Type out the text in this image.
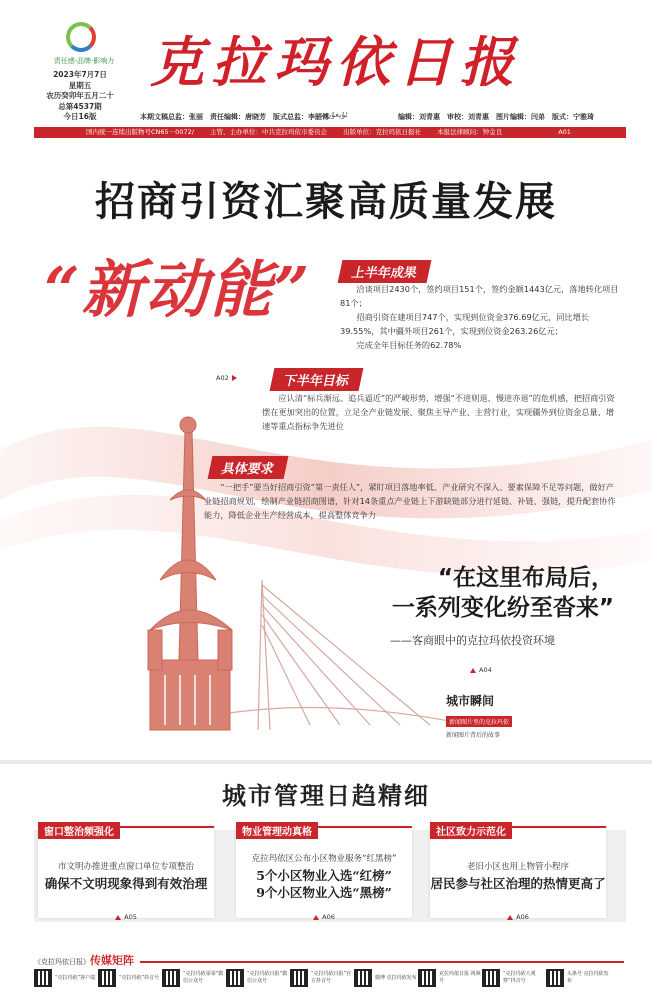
责任感·品牌·影响力
2023年7月7日
星期五
农历癸卯年五月二十
总第4537期
今日16版
克拉玛依日报
本期文稿总监：张丽　责任编辑：唐晓芳　版式总监：李韶博
ئۇيغۇرچە	编辑：刘青惠　审校：刘青惠　图片编辑：闫弟　版式：宁雅琦
国内统一连续出版物号CN65－0072/ 主管、主办单位：中共克拉玛依市委员会 出版单位：克拉玛依日报社 本报法律顾问：钟金良	A01
招商引资汇聚高质量发展
“新动能”	上半年成果

洽谈项目2430个，签约项目151个，签约金额1443亿元，落地转化项目81个；

招商引资在建项目747个，实现到位资金376.69亿元，同比增长39.55%，其中疆外项目261个，实现到位资金263.26亿元；

完成全年目标任务的62.78%

A02	下半年目标

应认清“标兵渐远、追兵逼近”的严峻形势，增强“不进则退、慢进亦退”的危机感，把招商引资摆在更加突出的位置，立足全产业链发展、聚焦主导产业、主营行业，实现疆外到位资金总量、增速等重点指标争先进位

具体要求

“一把手”要当好招商引资“第一责任人”，紧盯项目落地率低、产业研究不深入、要素保障不足等问题，做好产业链招商规划，绘制产业链招商图谱，针对14条重点产业链上下游缺链部分进行延链、补链、强链，提升配套协作能力，降低企业生产经营成本，提高整体竞争力

“在这里布局后，
一系列变化纷至沓来”
——客商眼中的克拉玛依投资环境
A04
城市瞬间
新闻图片里的克拉玛依
新闻图片背后的故事
城市管理日趋精细
窗口整治频强化
市文明办推进重点窗口单位专项整治
确保不文明现象得到有效治理
A05
物业管理动真格
克拉玛依区公布小区物业服务“红黑榜”
5个小区物业入选“红榜”
9个小区物业入选“黑榜”
A06
社区致力示范化
老旧小区也用上物管小程序
居民参与社区治理的热情更高了
A06
《克拉玛依日报》传媒矩阵
“克拉玛依”客户端	“克拉玛依”抖音号
“克拉玛依零零”微信公众号
“克拉玛依日报”微信公众号
“克拉玛依日报”官方抖音号
微博 克拉玛依发布
克拉玛依日报 视频号
“克拉玛依大观察”抖音号
头条号 克拉玛依发布
